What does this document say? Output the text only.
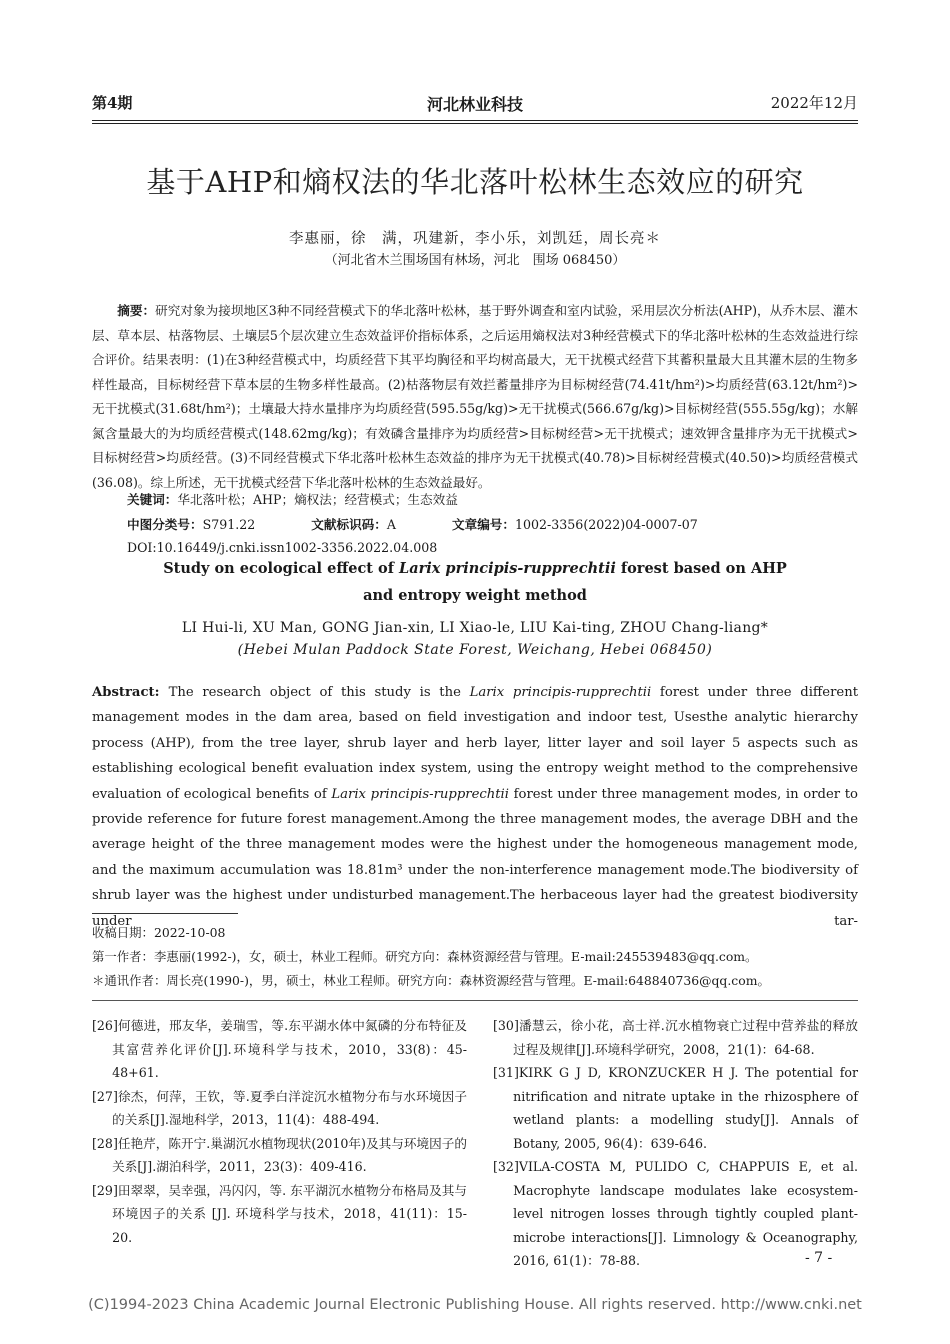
第4期	河北林业科技	2022年12月
基于AHP和熵权法的华北落叶松林生态效应的研究
李惠丽，徐　满，巩建新，李小乐，刘凯廷，周长亮＊
（河北省木兰围场国有林场，河北　围场 068450）
摘要：研究对象为接坝地区3种不同经营模式下的华北落叶松林，基于野外调查和室内试验，采用层次分析法(AHP)，从乔木层、灌木层、草本层、枯落物层、土壤层5个层次建立生态效益评价指标体系，之后运用熵权法对3种经营模式下的华北落叶松林的生态效益进行综合评价。结果表明：(1)在3种经营模式中，均质经营下其平均胸径和平均树高最大，无干扰模式经营下其蓄积量最大且其灌木层的生物多样性最高，目标树经营下草本层的生物多样性最高。(2)枯落物层有效拦蓄量排序为目标树经营(74.41t/hm²)>均质经营(63.12t/hm²)>无干扰模式(31.68t/hm²)；土壤最大持水量排序为均质经营(595.55g/kg)>无干扰模式(566.67g/kg)>目标树经营(555.55g/kg)；水解氮含量最大的为均质经营模式(148.62mg/kg)；有效磷含量排序为均质经营>目标树经营>无干扰模式；速效钾含量排序为无干扰模式>目标树经营>均质经营。(3)不同经营模式下华北落叶松林生态效益的排序为无干扰模式(40.78)>目标树经营模式(40.50)>均质经营模式(36.08)。综上所述，无干扰模式经营下华北落叶松林的生态效益最好。
关键词：华北落叶松；AHP；熵权法；经营模式；生态效益
中图分类号：S791.22	文献标识码：A	文章编号：1002-3356(2022)04-0007-07
DOI:10.16449/j.cnki.issn1002-3356.2022.04.008
Study on ecological effect of Larix principis-rupprechtii forest based on AHP
and entropy weight method
LI Hui-li, XU Man, GONG Jian-xin, LI Xiao-le, LIU Kai-ting, ZHOU Chang-liang*
(Hebei Mulan Paddock State Forest, Weichang, Hebei 068450)
Abstract: The research object of this study is the Larix principis-rupprechtii forest under three different management modes in the dam area, based on field investigation and indoor test, Usesthe analytic hierarchy process (AHP), from the tree layer, shrub layer and herb layer, litter layer and soil layer 5 aspects such as establishing ecological benefit evaluation index system, using the entropy weight method to the comprehensive evaluation of ecological benefits of Larix principis-rupprechtii forest under three management modes, in order to provide reference for future forest management.Among the three management modes, the average DBH and the average height of the three management modes were the highest under the homogeneous management mode, and the maximum accumulation was 18.81m³ under the non-interference management mode.The biodiversity of shrub layer was the highest under undisturbed management.The herbaceous layer had the greatest biodiversity under tar-
收稿日期：2022-10-08
第一作者：李惠丽(1992-)，女，硕士，林业工程师。研究方向：森林资源经营与管理。E-mail:245539483@qq.com。
＊通讯作者：周长亮(1990-)，男，硕士，林业工程师。研究方向：森林资源经营与管理。E-mail:648840736@qq.com。
[26]何德进，邢友华，姜瑞雪，等.东平湖水体中氮磷的分布特征及其富营养化评价[J].环境科学与技术，2010，33(8)：45-48+61.
[27]徐杰，何萍，王钦，等.夏季白洋淀沉水植物分布与水环境因子的关系[J].湿地科学，2013，11(4)：488-494.
[28]任艳芹，陈开宁.巢湖沉水植物现状(2010年)及其与环境因子的关系[J].湖泊科学，2011，23(3)：409-416.
[29]田翠翠，吴幸强，冯闪闪，等. 东平湖沉水植物分布格局及其与环境因子的关系 [J]. 环境科学与技术，2018，41(11)：15-20.
[30]潘慧云，徐小花，高士祥.沉水植物衰亡过程中营养盐的释放过程及规律[J].环境科学研究，2008，21(1)：64-68.
[31]KIRK G J D, KRONZUCKER H J. The potential for nitrification and nitrate uptake in the rhizosphere of wetland plants: a modelling study[J]. Annals of Botany, 2005, 96(4)：639-646.
[32]VILA-COSTA M, PULIDO C, CHAPPUIS E, et al. Macrophyte landscape modulates lake ecosystem-level nitrogen losses through tightly coupled plant-microbe interactions[J]. Limnology & Oceanography, 2016, 61(1)：78-88.	- 7 -
(C)1994-2023 China Academic Journal Electronic Publishing House. All rights reserved. http://www.cnki.net
